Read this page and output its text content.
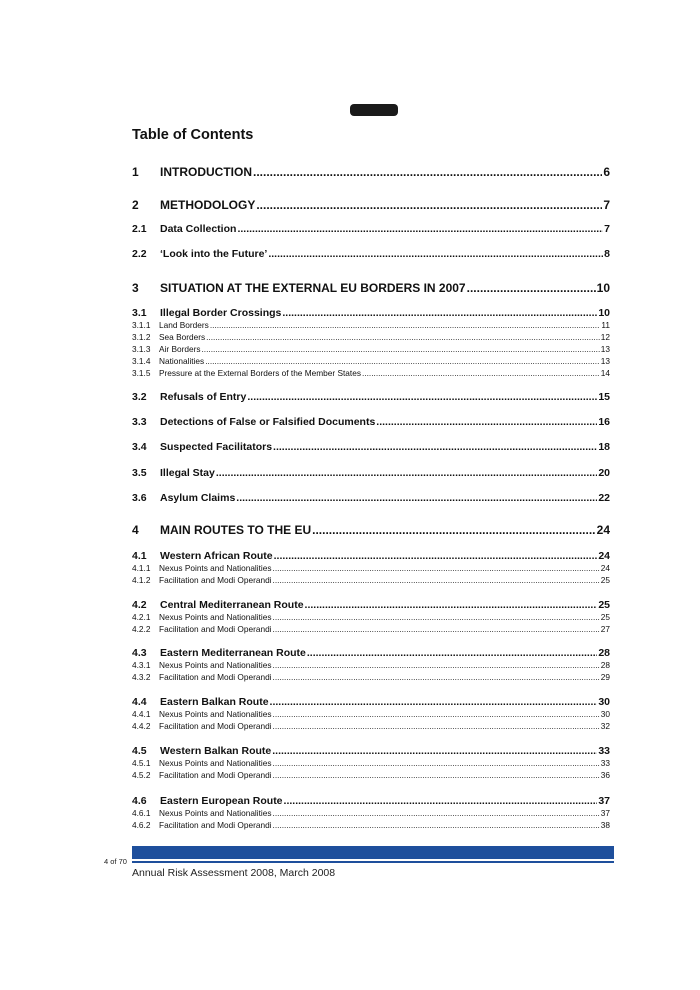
Table of Contents
1	INTRODUCTION .....	6
2	METHODOLOGY .....	7
2.1	Data Collection .....	7
2.2	‘Look into the Future’ .....	8
3	SITUATION AT THE EXTERNAL EU BORDERS IN 2007 .....	10
3.1	Illegal Border Crossings .....	10
3.1.1	Land Borders .....	11
3.1.2	Sea Borders .....	12
3.1.3	Air Borders .....	13
3.1.4	Nationalities .....	13
3.1.5	Pressure at the External Borders of the Member States .....	14
3.2	Refusals of Entry .....	15
3.3	Detections of False or Falsified Documents .....	16
3.4	Suspected Facilitators .....	18
3.5	Illegal Stay .....	20
3.6	Asylum Claims .....	22
4	MAIN ROUTES TO THE EU .....	24
4.1	Western African Route .....	24
4.1.1	Nexus Points and Nationalities .....	24
4.1.2	Facilitation and Modi Operandi .....	25
4.2	Central Mediterranean Route .....	25
4.2.1	Nexus Points and Nationalities .....	25
4.2.2	Facilitation and Modi Operandi .....	27
4.3	Eastern Mediterranean Route .....	28
4.3.1	Nexus Points and Nationalities .....	28
4.3.2	Facilitation and Modi Operandi .....	29
4.4	Eastern Balkan Route .....	30
4.4.1	Nexus Points and Nationalities .....	30
4.4.2	Facilitation and Modi Operandi .....	32
4.5	Western Balkan Route .....	33
4.5.1	Nexus Points and Nationalities .....	33
4.5.2	Facilitation and Modi Operandi .....	36
4.6	Eastern European Route .....	37
4.6.1	Nexus Points and Nationalities .....	37
4.6.2	Facilitation and Modi Operandi .....	38
4 of 70
Annual Risk Assessment 2008, March 2008
